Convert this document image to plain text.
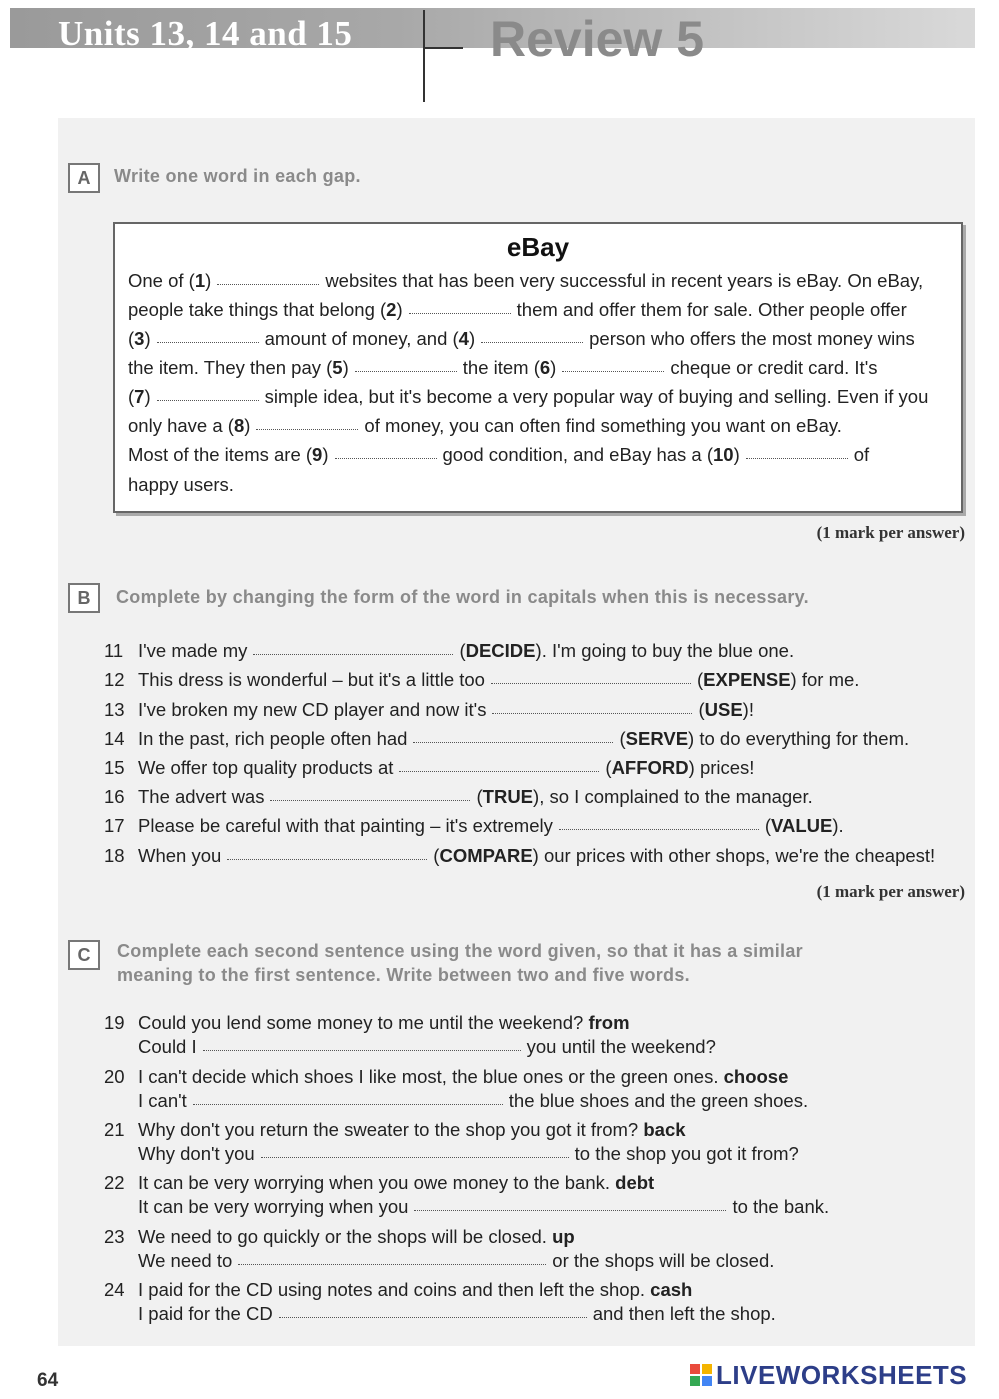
Units 13, 14 and 15	Review 5
A	Write one word in each gap.
eBay
One of (1)	websites that has been very successful in recent years is eBay. On eBay,
people take things that belong (2)	them and offer them for sale. Other people offer
(3)	amount of money, and (4)	person who offers the most money wins
the item. They then pay (5)	the item (6)	cheque or credit card. It's
(7)	simple idea, but it's become a very popular way of buying and selling. Even if you
only have a (8)	of money, you can often find something you want on eBay.
Most of the items are (9)	good condition, and eBay has a (10)	of
happy users.
(1 mark per answer)
B	Complete by changing the form of the word in capitals when this is necessary.
11 I've made my	(DECIDE). I'm going to buy the blue one.
12 This dress is wonderful – but it's a little too	(EXPENSE) for me.
13 I've broken my new CD player and now it's	(USE)!
14 In the past, rich people often had	(SERVE) to do everything for them.
15 We offer top quality products at	(AFFORD) prices!
16 The advert was	(TRUE), so I complained to the manager.
17 Please be careful with that painting – it's extremely	(VALUE).
18 When you	(COMPARE) our prices with other shops, we're the cheapest!
(1 mark per answer)
C	Complete each second sentence using the word given, so that it has a similar
meaning to the first sentence. Write between two and five words.
19 Could you lend some money to me until the weekend? from
Could I	you until the weekend?
20 I can't decide which shoes I like most, the blue ones or the green ones. choose
I can't	the blue shoes and the green shoes.
21 Why don't you return the sweater to the shop you got it from? back
Why don't you	to the shop you got it from?
22 It can be very worrying when you owe money to the bank. debt
It can be very worrying when you	to the bank.
23 We need to go quickly or the shops will be closed. up
We need to	or the shops will be closed.
24 I paid for the CD using notes and coins and then left the shop. cash
I paid for the CD	and then left the shop.
64	LIVEWORKSHEETS
